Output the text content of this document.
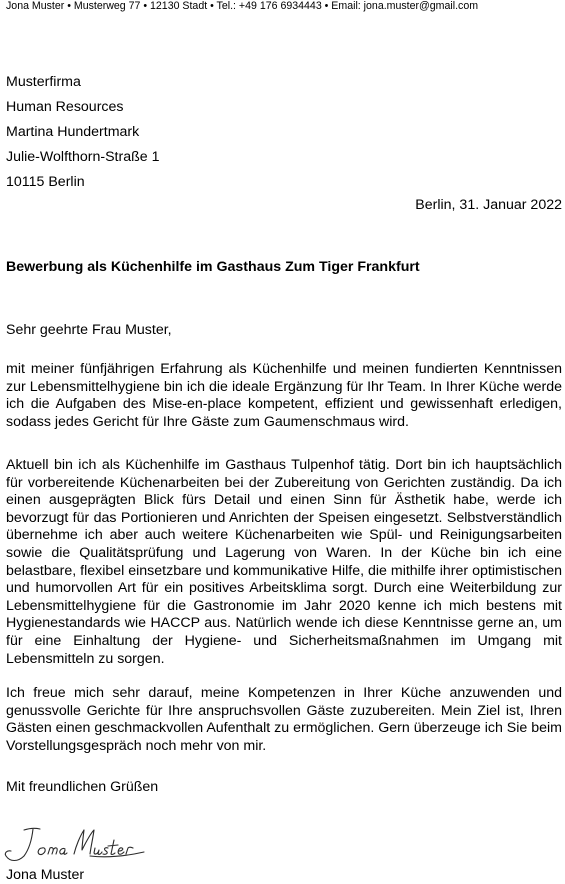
Jona Muster • Musterweg 77 • 12130 Stadt • Tel.: +49 176 6934443 • Email: jona.muster@gmail.com
Musterfirma
Human Resources
Martina Hundertmark
Julie-Wolfthorn-Straße 1
10115 Berlin
Berlin, 31. Januar 2022
Bewerbung als Küchenhilfe im Gasthaus Zum Tiger Frankfurt
Sehr geehrte Frau Muster,
mit meiner fünfjährigen Erfahrung als Küchenhilfe und meinen fundierten Kenntnissen zur Lebensmittelhygiene bin ich die ideale Ergänzung für Ihr Team. In Ihrer Küche werde ich die Aufgaben des Mise-en-place kompetent, effizient und gewissenhaft erledigen, sodass jedes Gericht für Ihre Gäste zum Gaumenschmaus wird.
Aktuell bin ich als Küchenhilfe im Gasthaus Tulpenhof tätig. Dort bin ich hauptsächlich für vorbereitende Küchenarbeiten bei der Zubereitung von Gerichten zuständig. Da ich einen ausgeprägten Blick fürs Detail und einen Sinn für Ästhetik habe, werde ich bevorzugt für das Portionieren und Anrichten der Speisen eingesetzt. Selbstverständlich übernehme ich aber auch weitere Küchenarbeiten wie Spül- und Reinigungsarbeiten sowie die Qualitätsprüfung und Lagerung von Waren. In der Küche bin ich eine belastbare, flexibel einsetzbare und kommunikative Hilfe, die mithilfe ihrer optimistischen und humorvollen Art für ein positives Arbeitsklima sorgt. Durch eine Weiterbildung zur Lebensmittelhygiene für die Gastronomie im Jahr 2020 kenne ich mich bestens mit Hygienestandards wie HACCP aus. Natürlich wende ich diese Kenntnisse gerne an, um für eine Einhaltung der Hygiene- und Sicherheitsmaßnahmen im Umgang mit Lebensmitteln zu sorgen.
Ich freue mich sehr darauf, meine Kompetenzen in Ihrer Küche anzuwenden und genussvolle Gerichte für Ihre anspruchsvollen Gäste zuzubereiten. Mein Ziel ist, Ihren Gästen einen geschmackvollen Aufenthalt zu ermöglichen. Gern überzeuge ich Sie beim Vorstellungsgespräch noch mehr von mir.
Mit freundlichen Grüßen
Jona Muster
